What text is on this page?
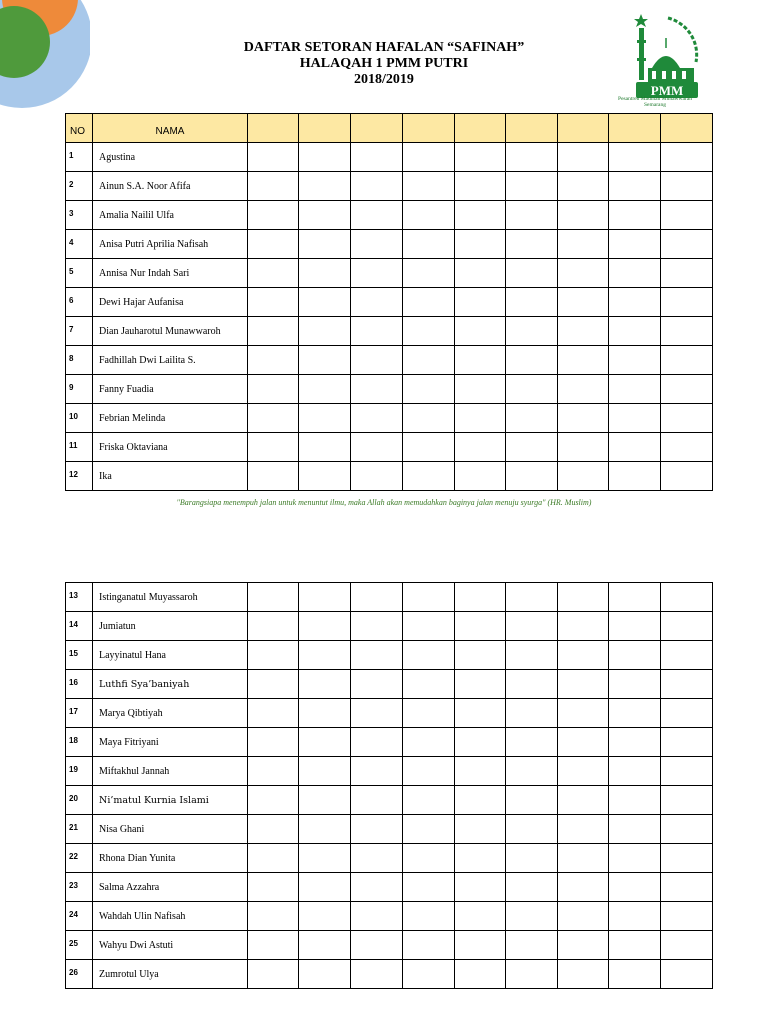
DAFTAR SETORAN HAFALAN “SAFINAH”
HALAQAH 1 PMM PUTRI
2018/2019
PMM
Pesantren Madinah Munawwarah
Semarang
NO	NAMA									
1	Agustina									
2	Ainun S.A. Noor Afifa									
3	Amalia Nailil Ulfa									
4	Anisa Putri Aprilia Nafisah									
5	Annisa Nur Indah Sari									
6	Dewi Hajar Aufanisa									
7	Dian Jauharotul Munawwaroh									
8	Fadhillah Dwi Lailita S.									
9	Fanny Fuadia									
10	Febrian Melinda									
11	Friska Oktaviana									
12	Ika									
"Barangsiapa menempuh jalan untuk menuntut ilmu, maka Allah akan memudahkan baginya jalan menuju syurga" (HR. Muslim)
13	Istinganatul Muyassaroh									
14	Jumiatun									
15	Layyinatul Hana									
16	Luthfi Sya’baniyah									
17	Marya Qibtiyah									
18	Maya Fitriyani									
19	Miftakhul Jannah									
20	Ni’matul Kurnia Islami									
21	Nisa Ghani									
22	Rhona Dian Yunita									
23	Salma Azzahra									
24	Wahdah Ulin Nafisah									
25	Wahyu Dwi Astuti									
26	Zumrotul Ulya									
